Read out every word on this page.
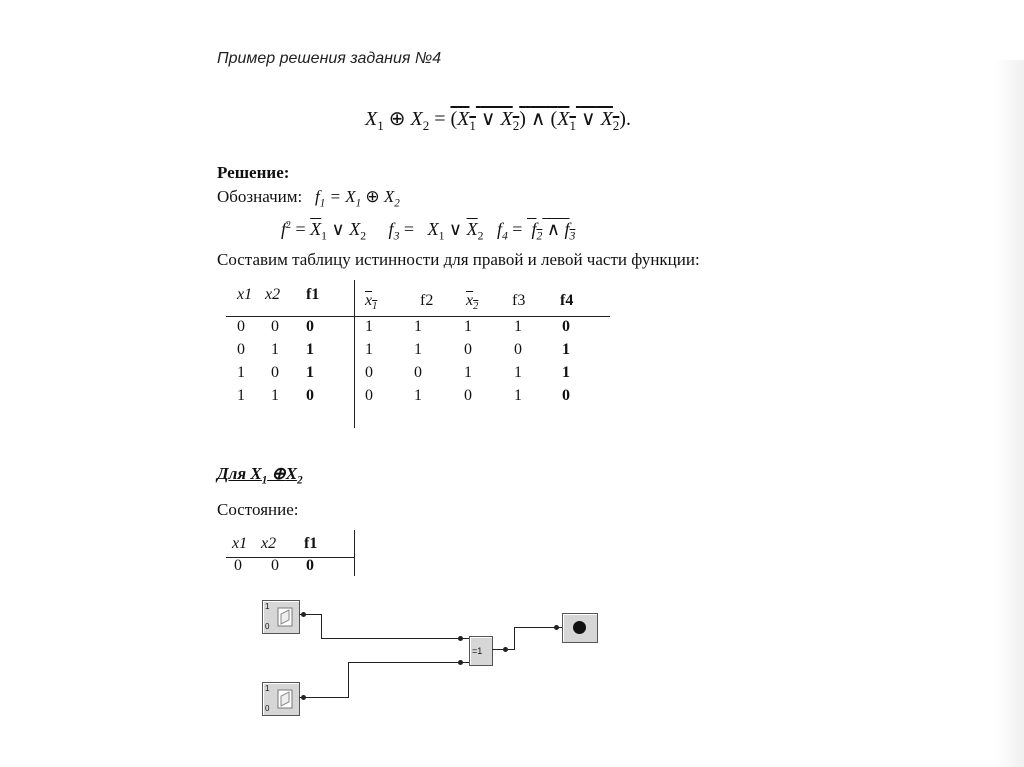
Пример решения задания №4
$X_1$ ⊕ $X_2 = (X_1$ ∨ $X_2$) ∧ ($X_1$ ∨ $X_2$).
Решение:
Обозначим: $f_1 = X_1$ ⊕ $X_2$
$f^2 = \overline{X}_1$ ∨ $X_2$ $f_3 = X_1$ ∨ $\overline{X}_2$ $f_4 = f_2$ ∧ $f_3$
Составим таблицу истинности для правой и левой части функции:
x1 x2 f1	$x_1$	f2 $x_2$ f3 f4
0 0 0	1	1	1	1	0
0 1 1	1	1	0	0	1
1 0 1	0	0	1	1	1
1 1 0	0	1	0	1	0
Для $X_1$ $\oplus X_2$
Состояние:
x1 x2 f1
0 0 0
1
0
1
0
=1
